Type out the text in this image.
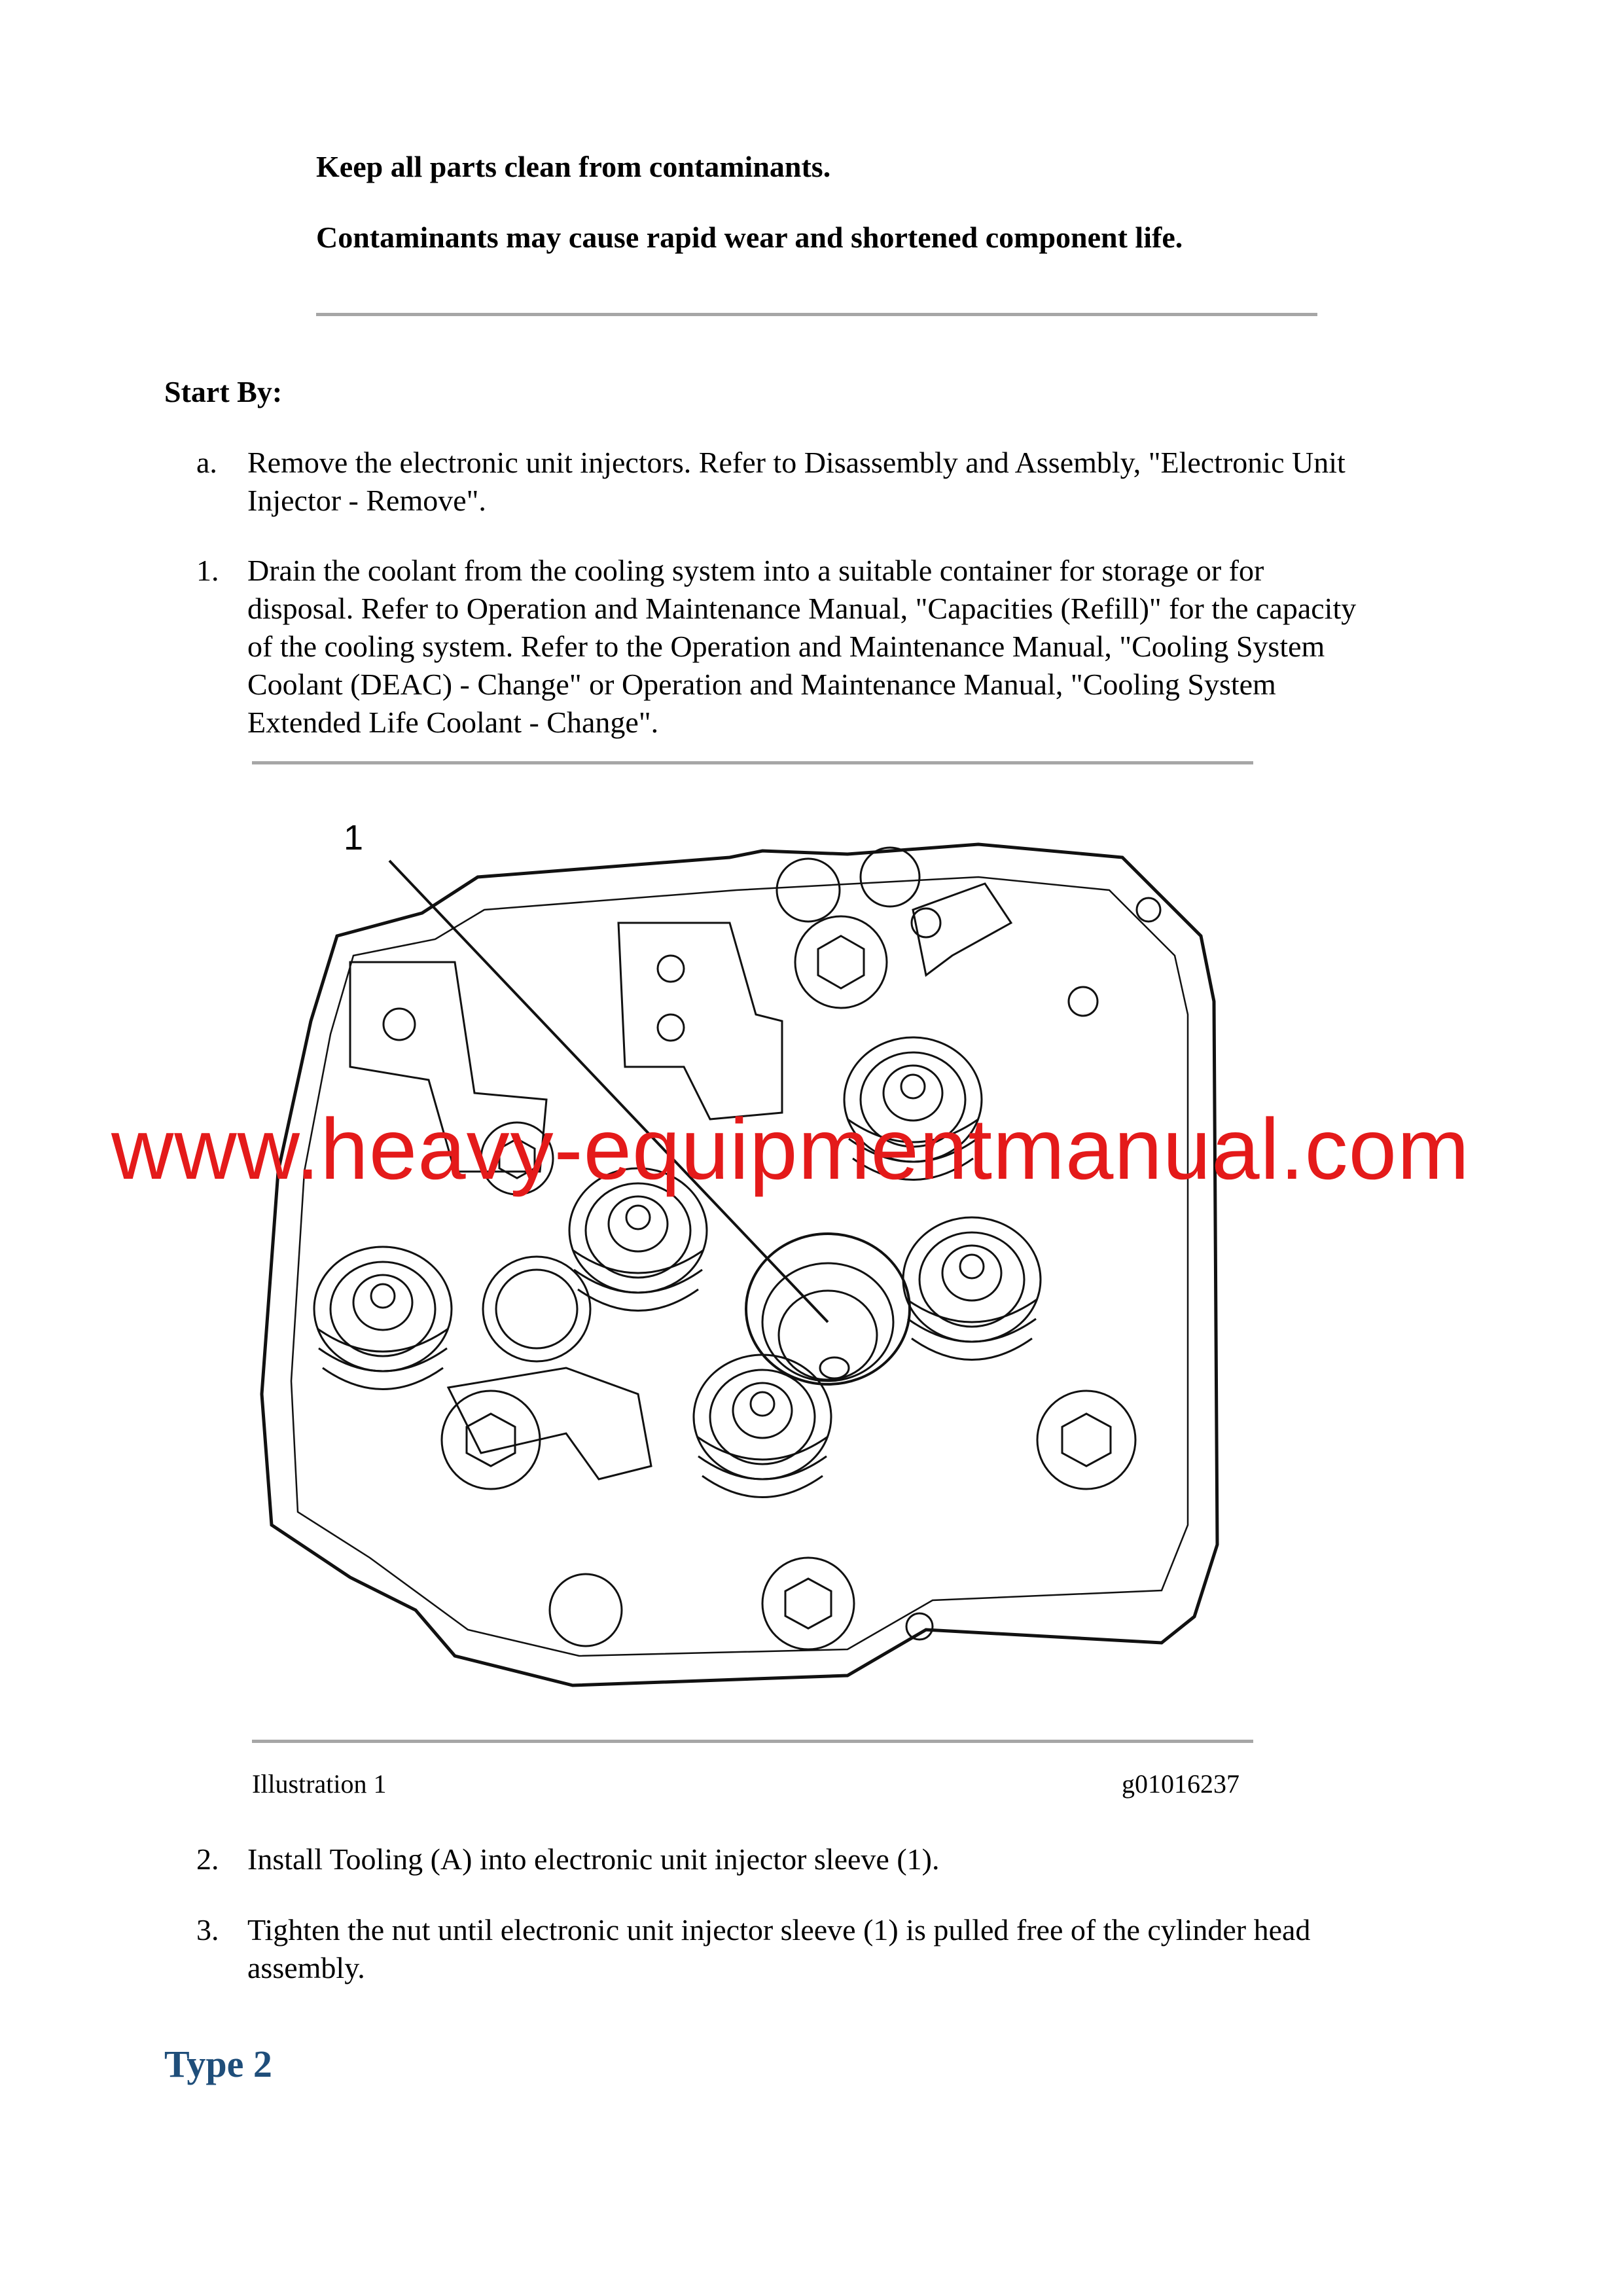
Keep all parts clean from contaminants.
Contaminants may cause rapid wear and shortened component life.
Start By:
a. Remove the electronic unit injectors. Refer to Disassembly and Assembly, "Electronic Unit
Injector - Remove".
1. Drain the coolant from the cooling system into a suitable container for storage or for
disposal. Refer to Operation and Maintenance Manual, "Capacities (Refill)" for the capacity
of the cooling system. Refer to the Operation and Maintenance Manual, "Cooling System
Coolant (DEAC) - Change" or Operation and Maintenance Manual, "Cooling System
Extended Life Coolant - Change".
1
Illustration 1	g01016237
2. Install Tooling (A) into electronic unit injector sleeve (1).
3. Tighten the nut until electronic unit injector sleeve (1) is pulled free of the cylinder head
assembly.
Type 2
www.heavy-equipmentmanual.com
